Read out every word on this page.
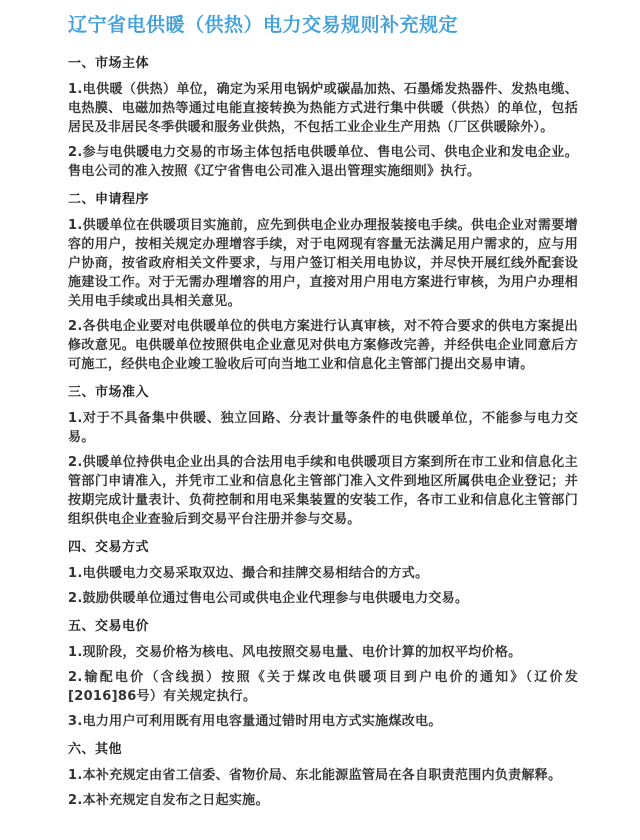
辽宁省电供暖（供热）电力交易规则补充规定
一、市场主体

1.电供暖（供热）单位，确定为采用电锅炉或碳晶加热、石墨烯发热器件、发热电缆、电热膜、电磁加热等通过电能直接转换为热能方式进行集中供暖（供热）的单位，包括居民及非居民冬季供暖和服务业供热，不包括工业企业生产用热（厂区供暖除外）。

2.参与电供暖电力交易的市场主体包括电供暖单位、售电公司、供电企业和发电企业。售电公司的准入按照《辽宁省售电公司准入退出管理实施细则》执行。

二、申请程序

1.供暖单位在供暖项目实施前，应先到供电企业办理报装接电手续。供电企业对需要增容的用户，按相关规定办理增容手续，对于电网现有容量无法满足用户需求的，应与用户协商，按省政府相关文件要求，与用户签订相关用电协议，并尽快开展红线外配套设施建设工作。对于无需办理增容的用户，直接对用户用电方案进行审核，为用户办理相关用电手续或出具相关意见。

2.各供电企业要对电供暖单位的供电方案进行认真审核，对不符合要求的供电方案提出修改意见。电供暖单位按照供电企业意见对供电方案修改完善，并经供电企业同意后方可施工，经供电企业竣工验收后可向当地工业和信息化主管部门提出交易申请。

三、市场准入

1.对于不具备集中供暖、独立回路、分表计量等条件的电供暖单位，不能参与电力交易。

2.供暖单位持供电企业出具的合法用电手续和电供暖项目方案到所在市工业和信息化主管部门申请准入，并凭市工业和信息化主管部门准入文件到地区所属供电企业登记；并按期完成计量表计、负荷控制和用电采集装置的安装工作，各市工业和信息化主管部门组织供电企业查验后到交易平台注册并参与交易。

四、交易方式

1.电供暖电力交易采取双边、撮合和挂牌交易相结合的方式。

2.鼓励供暖单位通过售电公司或供电企业代理参与电供暖电力交易。

五、交易电价

1.现阶段，交易价格为核电、风电按照交易电量、电价计算的加权平均价格。

2.输配电价（含线损）按照《关于煤改电供暖项目到户电价的通知》（辽价发[2016]86号）有关规定执行。

3.电力用户可利用既有用电容量通过错时用电方式实施煤改电。

六、其他

1.本补充规定由省工信委、省物价局、东北能源监管局在各自职责范围内负责解释。

2.本补充规定自发布之日起实施。
